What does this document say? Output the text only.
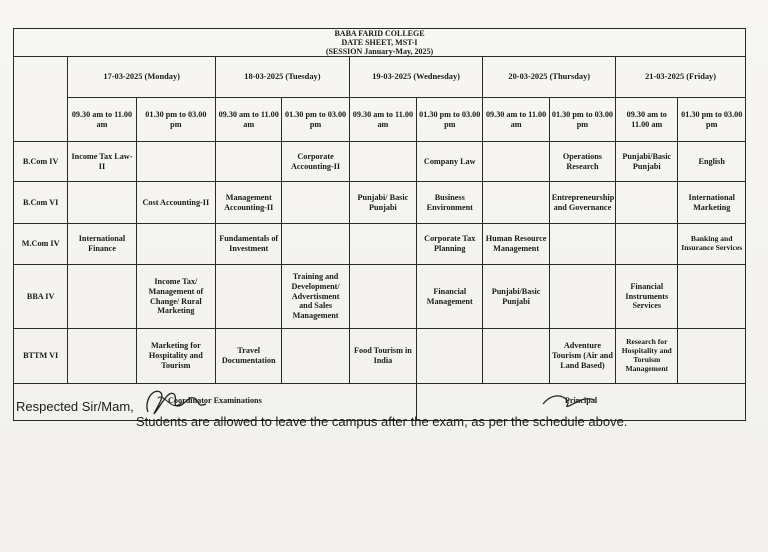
BABA FARID COLLEGE
DATE SHEET, MST-I
(SESSION January-May, 2025)										

	17-03-2025 (Monday)		18-03-2025 (Tuesday)		19-03-2025 (Wednesday)		20-03-2025 (Thursday)		21-03-2025 (Friday)	
	09.30 am to 11.00 am	01.30 pm to 03.00 pm	09.30 am to 11.00 am	01.30 pm to 03.00 pm	09.30 am to 11.00 am	01.30 pm to 03.00 pm	09.30 am to 11.00 am	01.30 pm to 03.00 pm	09.30 am to 11.00 am	01.30 pm to 03.00 pm
B.Com IV	Income Tax Law-II			Corporate Accounting-II		Company Law		Operations Research	Punjabi/Basic Punjabi	English
B.Com VI		Cost Accounting-II	Management Accounting-II		Punjabi/ Basic Punjabi	Business Environment		Entrepreneurship and Governance		International Marketing
M.Com IV	International Finance		Fundamentals of Investment			Corporate Tax Planning	Human Resource Management			Banking and Insurance Services
BBA IV		Income Tax/ Management of Change/ Rural Marketing		Training and Development/ Advertisment and Sales Management		Financial Management	Punjabi/Basic Punjabi		Financial Instruments Services	
BTTM VI		Marketing for Hospitality and Tourism	Travel Documentation		Food Tourism in India			Adventure Tourism (Air and Land Based)	Research for Hospitality and Toruism Management	

Coordinator Examinations						Principal				
Respected Sir/Mam,
Students are allowed to leave the campus after the exam, as per the schedule above.
